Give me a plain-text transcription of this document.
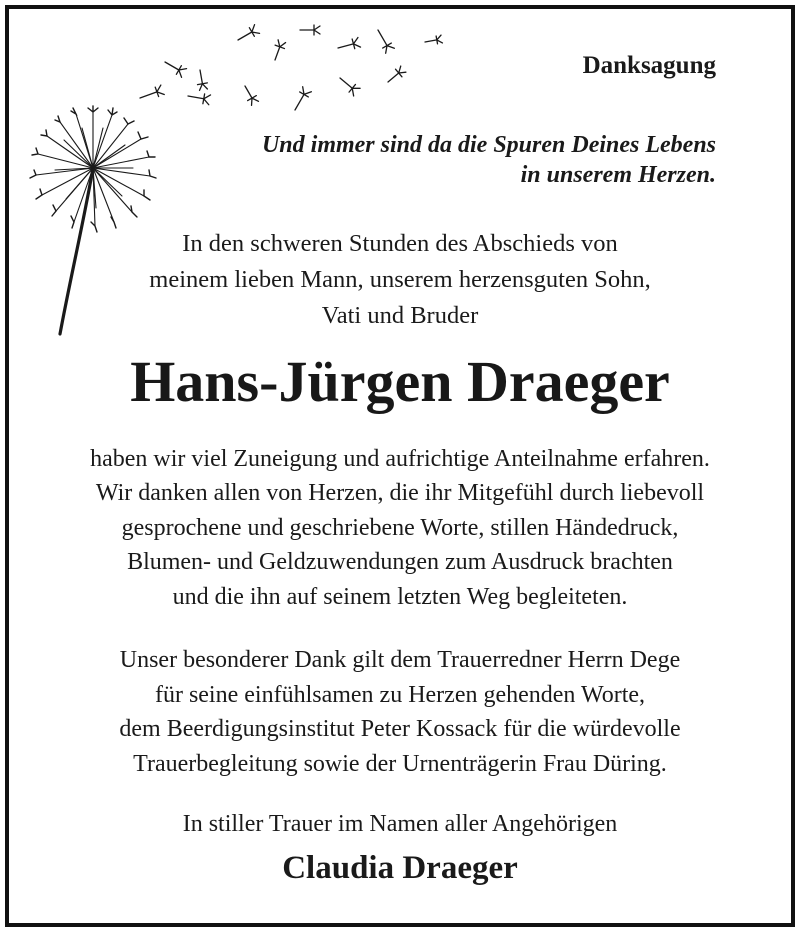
Danksagung

Und immer sind da die Spuren Deines Lebens
in unserem Herzen.

In den schweren Stunden des Abschieds von
meinem lieben Mann, unserem herzensguten Sohn,
Vati und Bruder

Hans-Jürgen Draeger

haben wir viel Zuneigung und aufrichtige Anteilnahme erfahren.
Wir danken allen von Herzen, die ihr Mitgefühl durch liebevoll
gesprochene und geschriebene Worte, stillen Händedruck,
Blumen- und Geldzuwendungen zum Ausdruck brachten
und die ihn auf seinem letzten Weg begleiteten.

Unser besonderer Dank gilt dem Trauerredner Herrn Dege
für seine einfühlsamen zu Herzen gehenden Worte,
dem Beerdigungsinstitut Peter Kossack für die würdevolle
Trauerbegleitung sowie der Urnenträgerin Frau Düring.

In stiller Trauer im Namen aller Angehörigen

Claudia Draeger
